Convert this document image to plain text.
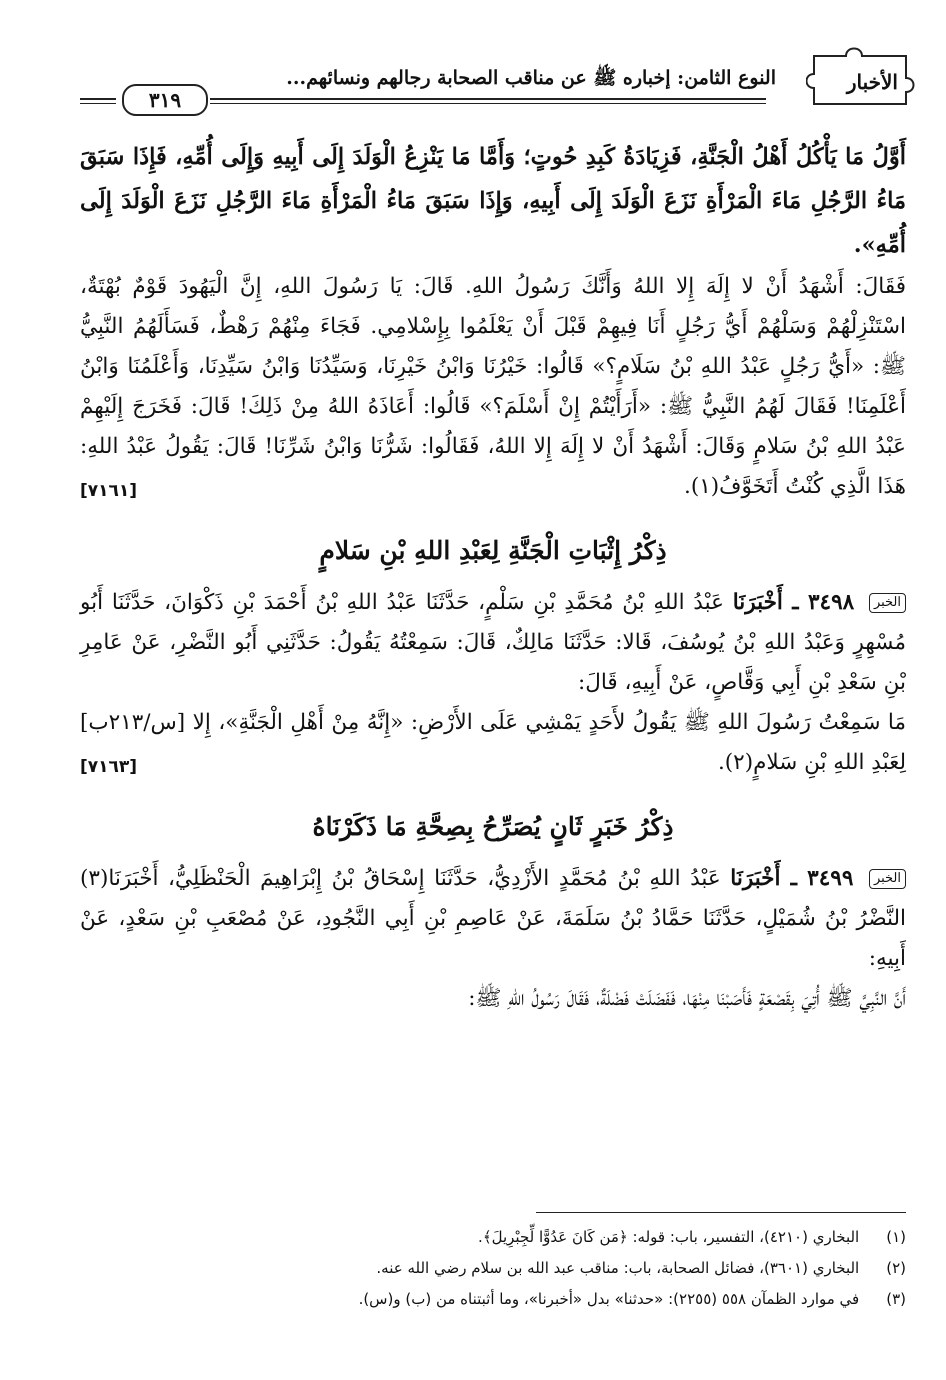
الأخبار
النوع الثامن: إخباره ﷺ عن مناقب الصحابة رجالهم ونسائهم...
٣١٩

أَوَّلُ مَا يَأْكُلُ أَهْلُ الْجَنَّةِ، فَزِيَادَةُ كَبِدِ حُوتٍ؛ وَأَمَّا مَا يَنْزِعُ الْوَلَدَ إِلَى أَبِيهِ وَإِلَى أُمِّهِ، فَإِذَا سَبَقَ مَاءُ الرَّجُلِ مَاءَ الْمَرْأَةِ نَزَعَ الْوَلَدَ إِلَى أَبِيهِ، وَإِذَا سَبَقَ مَاءُ الْمَرْأَةِ مَاءَ الرَّجُلِ نَزَعَ الْوَلَدَ إِلَى أُمِّهِ».

فَقَالَ: أَشْهَدُ أَنْ لا إِلَهَ إِلا اللهُ وَأَنَّكَ رَسُولُ اللهِ. قَالَ: يَا رَسُولَ اللهِ، إِنَّ الْيَهُودَ قَوْمٌ بُهْتَةٌ، اسْتَنْزِلْهُمْ وَسَلْهُمْ أَيُّ رَجُلٍ أَنَا فِيهِمْ قَبْلَ أَنْ يَعْلَمُوا بِإِسْلامِي. فَجَاءَ مِنْهُمْ رَهْطٌ، فَسَأَلَهُمُ النَّبِيُّ ﷺ: «أَيُّ رَجُلٍ عَبْدُ اللهِ بْنُ سَلَامٍ؟» قَالُوا: خَيْرُنَا وَابْنُ خَيْرِنَا، وَسَيِّدُنَا وَابْنُ سَيِّدِنَا، وَأَعْلَمُنَا وَابْنُ أَعْلَمِنَا! فَقَالَ لَهُمُ النَّبِيُّ ﷺ: «أَرَأَيْتُمْ إِنْ أَسْلَمَ؟» قَالُوا: أَعَاذَهُ اللهُ مِنْ ذَلِكَ! قَالَ: فَخَرَجَ إِلَيْهِمْ عَبْدُ اللهِ بْنُ سَلامٍ وَقَالَ: أَشْهَدُ أَنْ لا إِلَهَ إِلا اللهُ، فَقَالُوا: شَرُّنَا وَابْنُ شَرِّنَا! قَالَ: يَقُولُ عَبْدُ اللهِ: هَذَا الَّذِي كُنْتُ أَتَخَوَّفُ(١).
[٧١٦١]

ذِكْرُ إِثْبَاتِ الْجَنَّةِ لِعَبْدِ اللهِ بْنِ سَلامٍ

الخبر ٣٤٩٨ ـ أَخْبَرَنَا عَبْدُ اللهِ بْنُ مُحَمَّدِ بْنِ سَلْمٍ، حَدَّثَنَا عَبْدُ اللهِ بْنُ أَحْمَدَ بْنِ ذَكْوَانَ، حَدَّثَنَا أَبُو مُسْهِرٍ وَعَبْدُ اللهِ بْنُ يُوسُفَ، قَالا: حَدَّثَنَا مَالِكٌ، قَالَ: سَمِعْتُهُ يَقُولُ: حَدَّثَنِي أَبُو النَّضْرِ، عَنْ عَامِرِ بْنِ سَعْدِ بْنِ أَبِي وَقَّاصٍ، عَنْ أَبِيهِ، قَالَ:

مَا سَمِعْتُ رَسُولَ اللهِ ﷺ يَقُولُ لأَحَدٍ يَمْشِي عَلَى الأَرْضِ: «إِنَّهُ مِنْ أَهْلِ الْجَنَّةِ»، إِلا [س/٢١٣ب] لِعَبْدِ اللهِ بْنِ سَلامٍ(٢).
[٧١٦٣]

ذِكْرُ خَبَرٍ ثَانٍ يُصَرِّحُ بِصِحَّةِ مَا ذَكَرْنَاهُ

الخبر ٣٤٩٩ ـ أَخْبَرَنَا عَبْدُ اللهِ بْنُ مُحَمَّدٍ الأَزْدِيُّ، حَدَّثَنَا إِسْحَاقُ بْنُ إِبْرَاهِيمَ الْحَنْظَلِيُّ، أَخْبَرَنَا(٣) النَّضْرُ بْنُ شُمَيْلٍ، حَدَّثَنَا حَمَّادُ بْنُ سَلَمَةَ، عَنْ عَاصِمِ بْنِ أَبِي النَّجُودِ، عَنْ مُصْعَبِ بْنِ سَعْدٍ، عَنْ أَبِيهِ:

أَنَّ النَّبِيَّ ﷺ أُتِيَ بِقَصْعَةٍ فَأَصَبْنَا مِنْهَا، فَفَضَلَتْ فَضْلَةٌ، فَقَالَ رَسُولُ اللهِ ﷺ:

(١) البخاري (٤٢١٠)، التفسير، باب: قوله: ﴿مَن كَانَ عَدُوًّا لِّجِبْرِيلَ﴾.
(٢) البخاري (٣٦٠١)، فضائل الصحابة، باب: مناقب عبد الله بن سلام رضي الله عنه.
(٣) في موارد الظمآن ٥٥٨ (٢٢٥٥): «حدثنا» بدل «أخبرنا»، وما أثبتناه من (ب) و(س).
